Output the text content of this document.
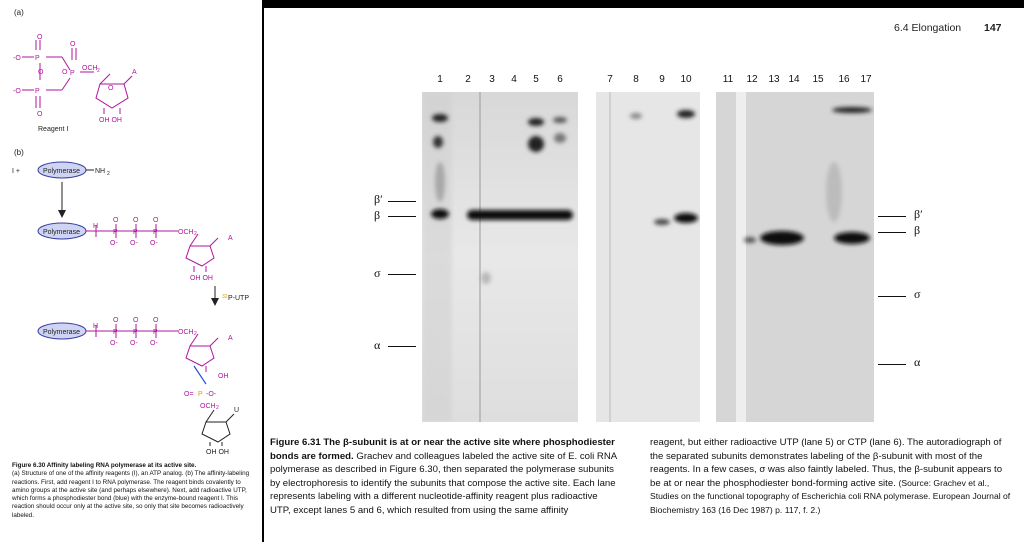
(a)
O
-O P
O
-O P
O
O
O
P
OCH 2
O
A
OH OH
Reagent I
(b)
I +	Polymerase NH 2
Polymerase
O O O
P P P
O- O- O-
OCH 2
H
A
OH OH
32 P-UTP
Polymerase
O O O
P P P
O- O- O-
OCH 2
H
A
OH
O= P -O-
OCH 2 U
OH OH
Figure 6.30 Affinity labeling RNA polymerase at its active site.
(a) Structure of one of the affinity reagents (I), an ATP analog. (b) The affinity-labeling reactions. First, add reagent I to RNA polymerase. The reagent binds covalently to amino groups at the active site (and perhaps elsewhere). Next, add radioactive UTP, which forms a phosphodiester bond (blue) with the enzyme-bound reagent I. This reaction should occur only at the active site, so only that site becomes radioactively labeled.
6.4 Elongation 147
1	2	3	4	5	6	7	8	9	10	11 12 13 14 15 16 17
β′
β
σ
α
β′
β
σ
α
Figure 6.31 The β-subunit is at or near the active site where phosphodiester bonds are formed. Grachev and colleagues labeled the active site of E. coli RNA polymerase as described in Figure 6.30, then separated the polymerase subunits by electrophoresis to identify the subunits that compose the active site. Each lane represents labeling with a different nucleotide-affinity reagent plus radioactive UTP, except lanes 5 and 6, which resulted from using the same affinity
reagent, but either radioactive UTP (lane 5) or CTP (lane 6). The autoradiograph of the separated subunits demonstrates labeling of the β-subunit with most of the reagents. In a few cases, σ was also faintly labeled. Thus, the β-subunit appears to be at or near the phosphodiester bond-forming active site. (Source: Grachev et al., Studies on the functional topography of Escherichia coli RNA polymerase. European Journal of Biochemistry 163 (16 Dec 1987) p. 117, f. 2.)
